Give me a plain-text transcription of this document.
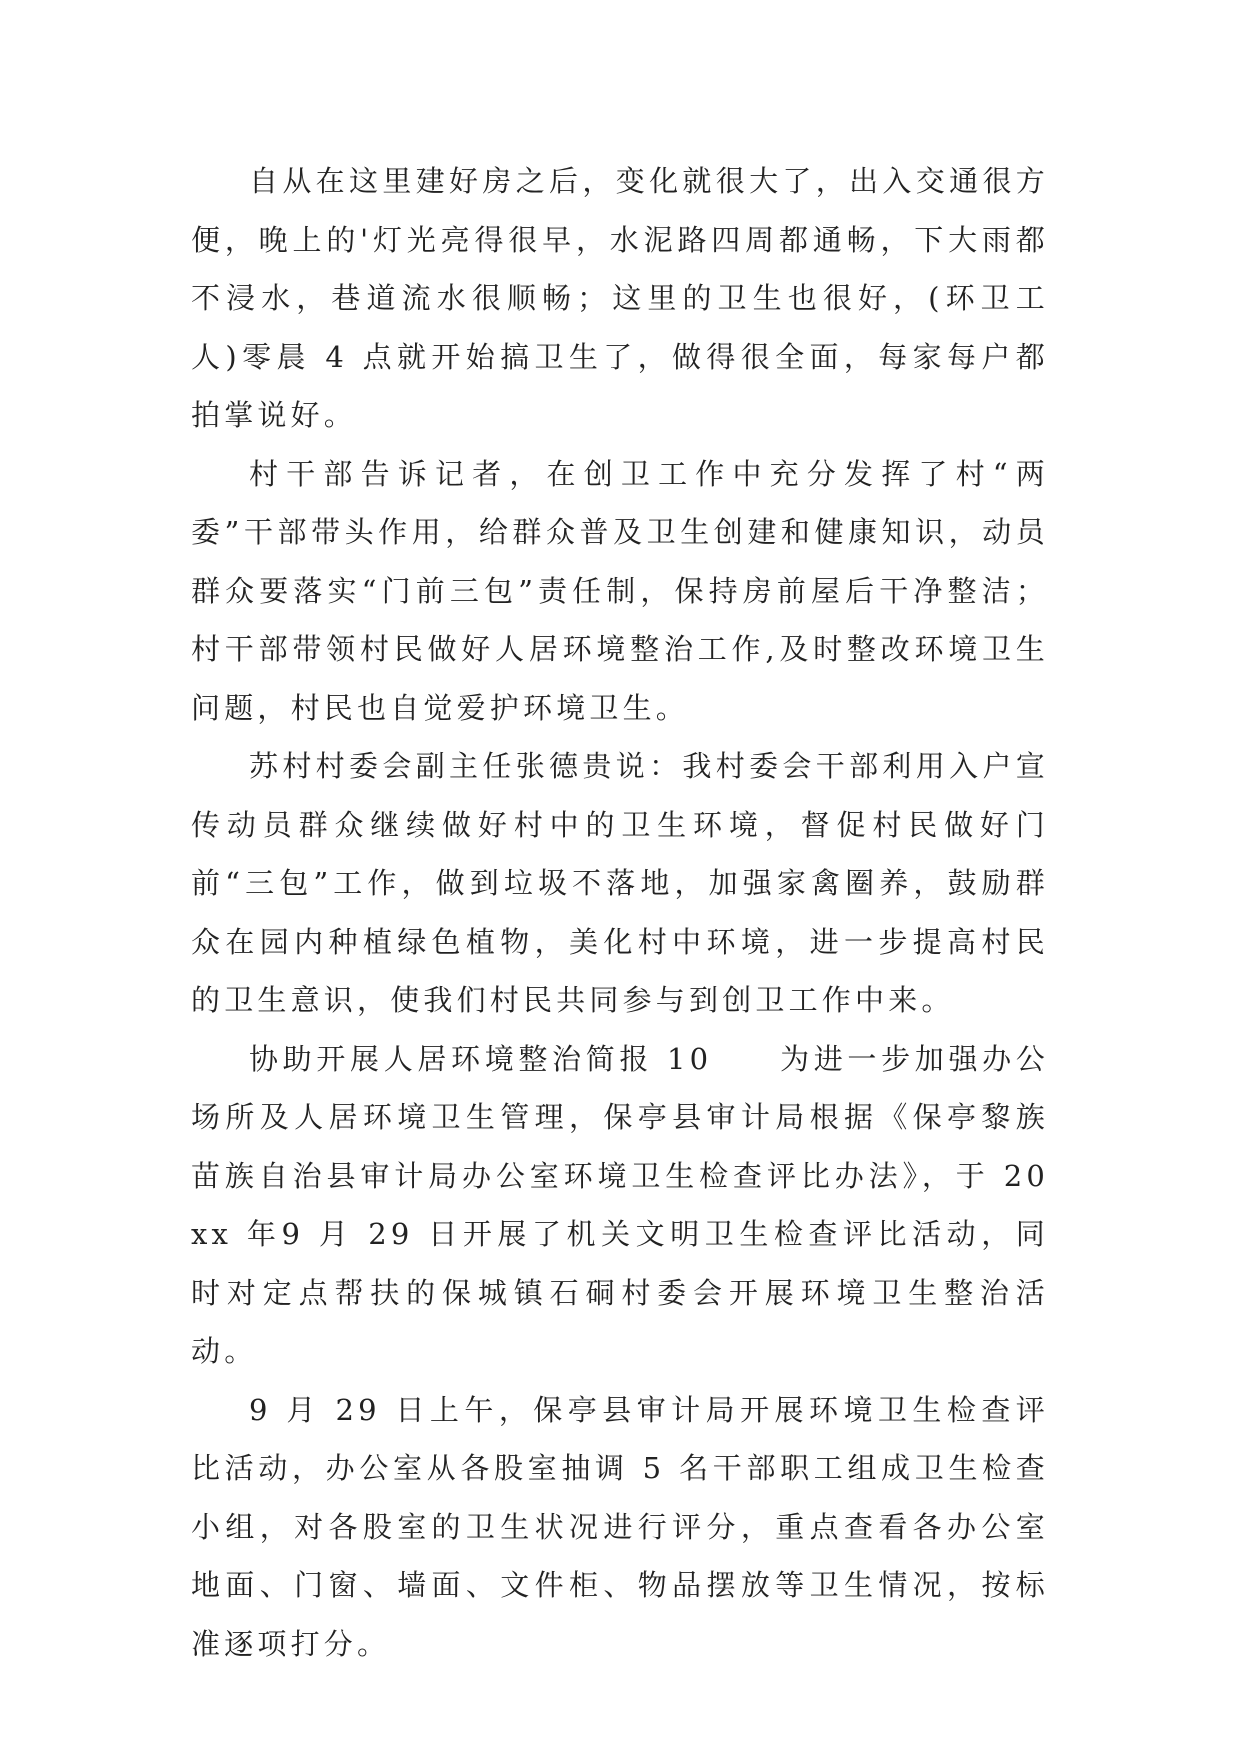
自从在这里建好房之后，变化就很大了，出入交通很方便，晚上的'灯光亮得很早，水泥路四周都通畅，下大雨都不浸水，巷道流水很顺畅；这里的卫生也很好，(环卫工人)零晨 4 点就开始搞卫生了，做得很全面，每家每户都拍掌说好。

村干部告诉记者，在创卫工作中充分发挥了村“两委”干部带头作用，给群众普及卫生创建和健康知识，动员群众要落实“门前三包”责任制，保持房前屋后干净整洁；村干部带领村民做好人居环境整治工作,及时整改环境卫生问题，村民也自觉爱护环境卫生。

苏村村委会副主任张德贵说：我村委会干部利用入户宣传动员群众继续做好村中的卫生环境，督促村民做好门前“三包”工作，做到垃圾不落地，加强家禽圈养，鼓励群众在园内种植绿色植物，美化村中环境，进一步提高村民的卫生意识，使我们村民共同参与到创卫工作中来。

协助开展人居环境整治简报 10　　为进一步加强办公场所及人居环境卫生管理，保亭县审计局根据《保亭黎族苗族自治县审计局办公室环境卫生检查评比办法》，于 20xx 年9 月 29 日开展了机关文明卫生检查评比活动，同时对定点帮扶的保城镇石硐村委会开展环境卫生整治活动。

9 月 29 日上午，保亭县审计局开展环境卫生检查评比活动，办公室从各股室抽调 5 名干部职工组成卫生检查小组，对各股室的卫生状况进行评分，重点查看各办公室地面、门窗、墙面、文件柜、物品摆放等卫生情况，按标准逐项打分。
